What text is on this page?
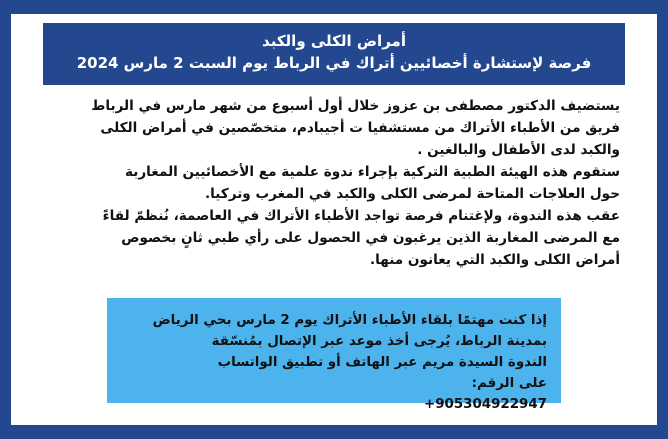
أمراض الكلى والكبد
فرصة لإستشارة أخصائيين أتراك في الرباط يوم السبت 2 مارس 2024
يستضيف الدكتور مصطفى بن عزوز خلال أول أسبوع من شهر مارس في الرباط
فريق من الأطباء الأتراك من مستشفيا ت أجيبادم، متخصّصين في أمراض الكلى
والكبد لدى الأطفال والبالغين .
ستقوم هذه الهيئة الطبية التركية بإجراء ندوة علمية مع الأخصائيين المغاربة
حول العلاجات المتاحة لمرضى الكلى والكبد في المغرب وتركيا.
عقب هذه الندوة، ولإغتنام فرصة تواجد الأطباء الأتراك في العاصمة، نُنظمّ لقاءً
مع المرضى المغاربة الذين يرغبون في الحصول على رأي طبي ثانٍ بخصوص
أمراض الكلى والكبد التي يعانون منها.
إذا كنت مهتمًا بلقاء الأطباء الأتراك يوم 2 مارس بحي الرياض
بمدينة الرباط، يُرجى أخذ موعد عبر الإتصال بمُنسّقة
الندوة السيدة مريم عبر الهاتف أو تطبيق الواتساب
على الرقم:
+905304922947
